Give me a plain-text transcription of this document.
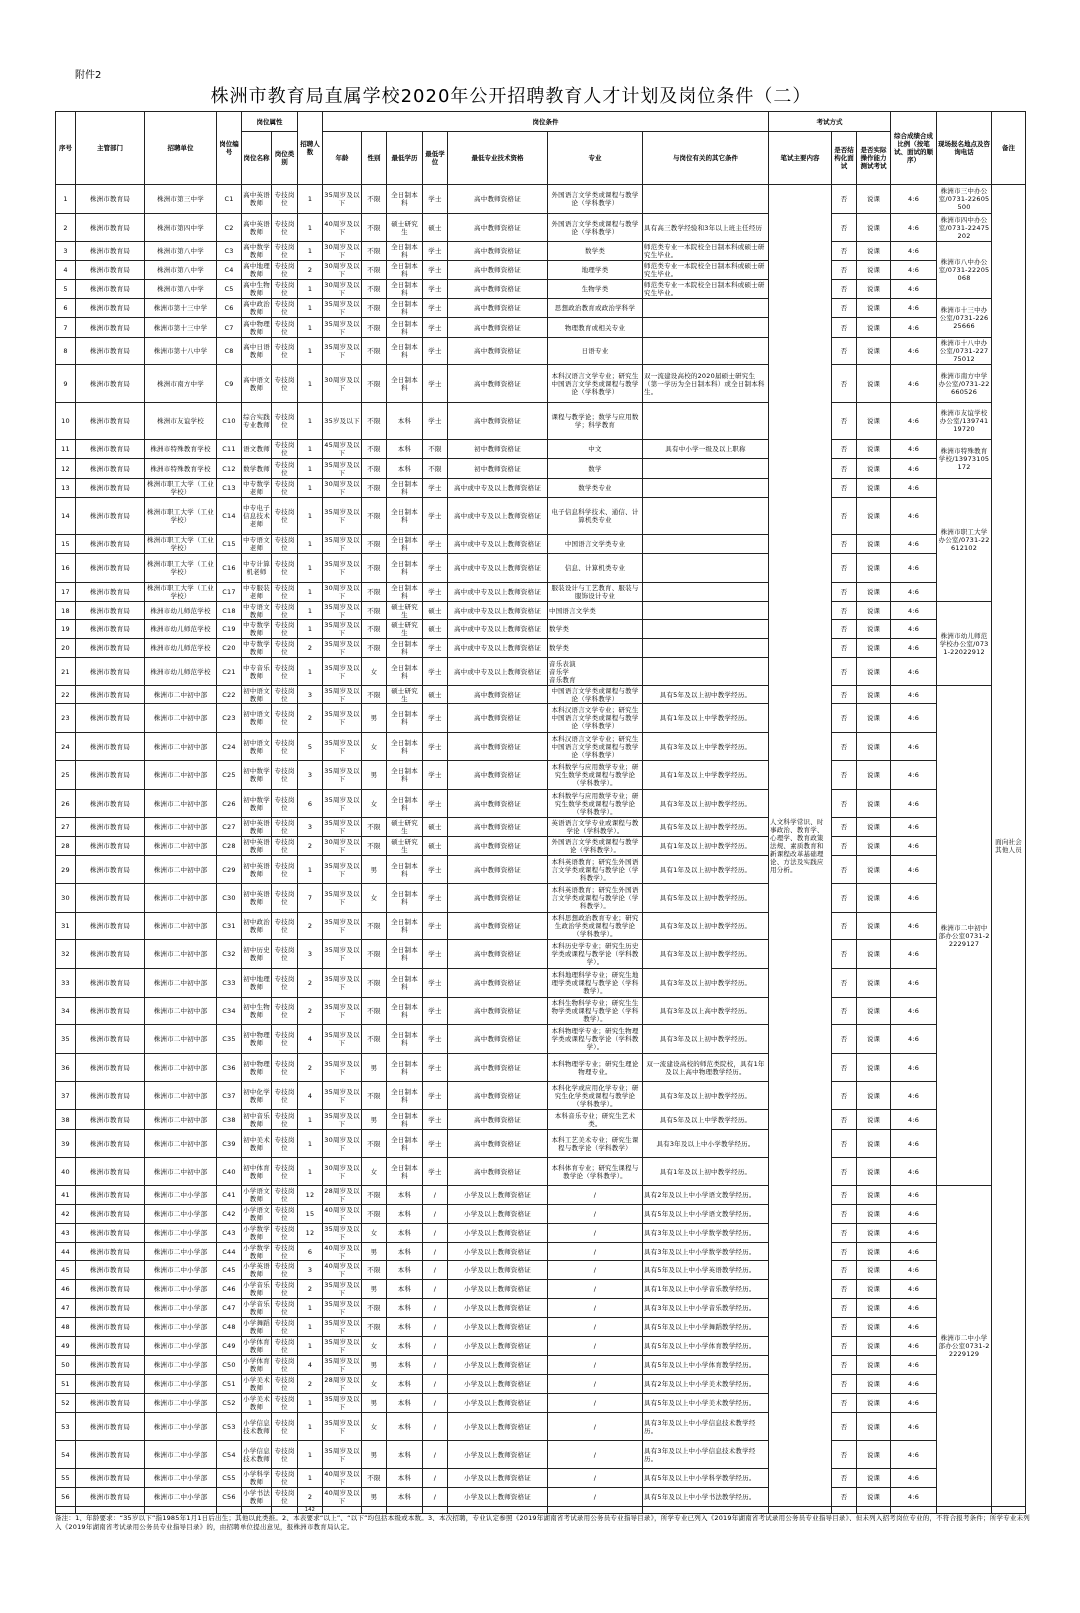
附件2
株洲市教育局直属学校2020年公开招聘教育人才计划及岗位条件（二）
序号	主管部门	招聘单位	岗位编号	岗位属性		招聘人数	岗位条件							考试方式			综合成绩合成比例（按笔试、面试的顺序）	现场报名地点及咨询电话	备注
				岗位名称	岗位类别		年龄	性别	最低学历	最低学位	最低专业技术资格	专业	与岗位有关的其它条件	笔试主要内容	是否结构化面试	是否实际操作能力测试考试			

1	株洲市教育局	株洲市第三中学	C1	高中英语教师	专技岗位	1	35周岁及以下	不限	全日制本科	学士	高中教师资格证	外国语言文学类或课程与教学论（学科教学）		人文科学常识、时事政治、教育学、心理学、教育政策法规、素质教育和新课程改革基础理论、方法及实践应用分析。	否	说课	4:6	株洲市三中办公室/0731-22605500	面向社会其他人员

2	株洲市教育局	株洲市第四中学	C2	高中英语教师	专技岗位	1	40周岁及以下	不限	硕士研究生	硕士	高中教师资格证	外国语言文学类或课程与教学论（学科教学）	具有高三教学经验和3年以上班主任经历		否	说课	4:6	株洲市四中办公室/0731-22475202	

3	株洲市教育局	株洲市第八中学	C3	高中数学教师	专技岗位	1	30周岁及以下	不限	全日制本科	学士	高中教师资格证	数学类	师范类专业一本院校全日制本科或硕士研究生毕业。		否	说课	4:6	株洲市八中办公室/0731-22205068	

4	株洲市教育局	株洲市第八中学	C4	高中地理教师	专技岗位	2	30周岁及以下	不限	全日制本科	学士	高中教师资格证	地理学类	师范类专业一本院校全日制本科或硕士研究生毕业。		否	说课	4:6		

5	株洲市教育局	株洲市第八中学	C5	高中生物教师	专技岗位	1	30周岁及以下	不限	全日制本科	学士	高中教师资格证	生物学类	师范类专业一本院校全日制本科或硕士研究生毕业。		否	说课	4:6		

6	株洲市教育局	株洲市第十三中学	C6	高中政治教师	专技岗位	1	35周岁及以下	不限	全日制本科	学士	高中教师资格证	思想政治教育或政治学科学			否	说课	4:6	株洲市十三中办公室/0731-22625666	

7	株洲市教育局	株洲市第十三中学	C7	高中物理教师	专技岗位	1	35周岁及以下	不限	全日制本科	学士	高中教师资格证	物理教育或相关专业			否	说课	4:6		

8	株洲市教育局	株洲市第十八中学	C8	高中日语教师	专技岗位	1	35周岁及以下	不限	全日制本科	学士	高中教师资格证	日语专业			否	说课	4:6	株洲市十八中办公室/0731-22775012	

9	株洲市教育局	株洲市南方中学	C9	高中语文教师	专技岗位	1	30周岁及以下	不限	全日制本科	学士	高中教师资格证	本科汉语言文学专业；研究生中国语言文学类或课程与教学论（学科教学）	双一流建设高校的2020届硕士研究生（第一学历为全日制本科）或全日制本科生。		否	说课	4:6	株洲市南方中学办公室/0731-22660526	

10	株洲市教育局	株洲市友谊学校	C10	综合实践专业教师	专技岗位	1	35岁及以下	不限	本科	学士	高中教师资格证	课程与教学论；数学与应用数学；科学教育			否	说课	4:6	株洲市友谊学校办公室/13974119720	

11	株洲市教育局	株洲市特殊教育学校	C11	语文教师	专技岗位	1	45周岁及以下	不限	本科	不限	初中教师资格证	中文	具有中小学一级及以上职称		否	说课	4:6	株洲市特殊教育学校/13973105172	

12	株洲市教育局	株洲市特殊教育学校	C12	数学教师	专技岗位	1	35周岁及以下	不限	本科	不限	初中教师资格证	数学			否	说课	4:6		

13	株洲市教育局	株洲市职工大学（工业学校）	C13	中专数学老师	专技岗位	1	30周岁及以下	不限	全日制本科	学士	高中或中专及以上教师资格证	数学类专业			否	说课	4:6	株洲市职工大学办公室/0731-22612102	

14	株洲市教育局	株洲市职工大学（工业学校）	C14	中专电子信息技术老师	专技岗位	1	35周岁及以下	不限	全日制本科	学士	高中或中专及以上教师资格证	电子信息科学技术、通信、计算机类专业			否	说课	4:6		

15	株洲市教育局	株洲市职工大学（工业学校）	C15	中专语文老师	专技岗位	1	35周岁及以下	不限	全日制本科	学士	高中或中专及以上教师资格证	中国语言文学类专业			否	说课	4:6		

16	株洲市教育局	株洲市职工大学（工业学校）	C16	中专计算机老师	专技岗位	1	35周岁及以下	不限	全日制本科	学士	高中或中专及以上教师资格证	信息、计算机类专业			否	说课	4:6		

17	株洲市教育局	株洲市职工大学（工业学校）	C17	中专服装老师	专技岗位	1	30周岁及以下	不限	全日制本科	学士	高中或中专及以上教师资格证	服装设计与工艺教育、服装与服饰设计专业			否	说课	4:6		

18	株洲市教育局	株洲市幼儿师范学校	C18	中专语文教师	专技岗位	1	35周岁及以下	不限	硕士研究生	硕士	高中或中专及以上教师资格证	中国语言文学类			否	说课	4:6	株洲市幼儿师范学校办公室/0731-22022912	

19	株洲市教育局	株洲市幼儿师范学校	C19	中专数学教师	专技岗位	1	35周岁及以下	不限	硕士研究生	硕士	高中或中专及以上教师资格证	数学类			否	说课	4:6		

20	株洲市教育局	株洲市幼儿师范学校	C20	中专数学教师	专技岗位	2	35周岁及以下	不限	全日制本科	学士	高中或中专及以上教师资格证	数学类			否	说课	4:6		

21	株洲市教育局	株洲市幼儿师范学校	C21	中专音乐教师	专技岗位	1	35周岁及以下	女	全日制本科	学士	高中或中专及以上教师资格证	音乐表演
音乐学
音乐教育			否	说课	4:6		

22	株洲市教育局	株洲市二中初中部	C22	初中语文教师	专技岗位	3	35周岁及以下	不限	硕士研究生	硕士	高中教师资格证	中国语言文学类或课程与教学论（学科教学）	具有5年及以上初中教学经历。		否	说课	4:6	株洲市二中初中部办公室0731-22229127	

23	株洲市教育局	株洲市二中初中部	C23	初中语文教师	专技岗位	2	35周岁及以下	男	全日制本科	学士	高中教师资格证	本科汉语言文学专业；研究生中国语言文学类或课程与教学论（学科教学）	具有1年及以上中学教学经历。		否	说课	4:6		

24	株洲市教育局	株洲市二中初中部	C24	初中语文教师	专技岗位	5	35周岁及以下	女	全日制本科	学士	高中教师资格证	本科汉语言文学专业；研究生中国语言文学类或课程与教学论（学科教学）	具有3年及以上中学教学经历。		否	说课	4:6		

25	株洲市教育局	株洲市二中初中部	C25	初中数学教师	专技岗位	3	35周岁及以下	男	全日制本科	学士	高中教师资格证	本科数学与应用数学专业；研究生数学类或课程与教学论（学科教学）。	具有1年及以上中学教学经历。		否	说课	4:6		

26	株洲市教育局	株洲市二中初中部	C26	初中数学教师	专技岗位	6	35周岁及以下	女	全日制本科	学士	高中教师资格证	本科数学与应用数学专业；研究生数学类或课程与教学论（学科教学）。	具有3年及以上初中教学经历。		否	说课	4:6		

27	株洲市教育局	株洲市二中初中部	C27	初中英语教师	专技岗位	3	35周岁及以下	不限	硕士研究生	硕士	高中教师资格证	英语语言文学专业或课程与教学论（学科教学）。	具有5年及以上初中教学经历。		否	说课	4:6		

28	株洲市教育局	株洲市二中初中部	C28	初中英语教师	专技岗位	2	30周岁及以下	不限	硕士研究生	硕士	高中教师资格证	外国语言文学类或课程与教学论（学科教学）。	具有1年及以上初中教学经历。		否	说课	4:6		

29	株洲市教育局	株洲市二中初中部	C29	初中英语教师	专技岗位	1	35周岁及以下	男	全日制本科	学士	高中教师资格证	本科英语教育；研究生外国语言文学类或课程与教学论（学科教学）。	具有1年及以上初中教学经历。		否	说课	4:6		

30	株洲市教育局	株洲市二中初中部	C30	初中英语教师	专技岗位	7	35周岁及以下	女	全日制本科	学士	高中教师资格证	本科英语教育；研究生外国语言文学类或课程与教学论（学科教学）。	具有5年及以上初中教学经历。		否	说课	4:6		

31	株洲市教育局	株洲市二中初中部	C31	初中政治教师	专技岗位	2	35周岁及以下	不限	全日制本科	学士	高中教师资格证	本科思想政治教育专业；研究生政治学类或课程与教学论（学科教学）。	具有3年及以上初中教学经历。		否	说课	4:6		

32	株洲市教育局	株洲市二中初中部	C32	初中历史教师	专技岗位	3	35周岁及以下	不限	全日制本科	学士	高中教师资格证	本科历史学专业；研究生历史学类或课程与教学论（学科教学）。	具有3年及以上初中教学经历。		否	说课	4:6		

33	株洲市教育局	株洲市二中初中部	C33	初中地理教师	专技岗位	2	35周岁及以下	不限	全日制本科	学士	高中教师资格证	本科地理科学专业；研究生地理学类或课程与教学论（学科教学）。	具有3年及以上初中教学经历。		否	说课	4:6		

34	株洲市教育局	株洲市二中初中部	C34	初中生物教师	专技岗位	2	35周岁及以下	不限	全日制本科	学士	高中教师资格证	本科生物科学专业；研究生生物学类或课程与教学论（学科教学）。	具有3年及以上高中教学经历。		否	说课	4:6		

35	株洲市教育局	株洲市二中初中部	C35	初中物理教师	专技岗位	4	35周岁及以下	不限	全日制本科	学士	高中教师资格证	本科物理学专业；研究生物理学类或课程与教学论（学科教学）。	具有3年及以上初中教学经历。		否	说课	4:6		

36	株洲市教育局	株洲市二中初中部	C36	初中物理教师	专技岗位	2	35周岁及以下	男	全日制本科	学士	高中教师资格证	本科物理学专业；研究生理论物理专业。	双一流建设高校的师范类院校，具有1年及以上高中物理教学经历。		否	说课	4:6		

37	株洲市教育局	株洲市二中初中部	C37	初中化学教师	专技岗位	4	35周岁及以下	不限	全日制本科	学士	高中教师资格证	本科化学或应用化学专业；研究生化学类或课程与教学论（学科教学）。	具有3年及以上初中教学经历。		否	说课	4:6		

38	株洲市教育局	株洲市二中初中部	C38	初中音乐教师	专技岗位	1	35周岁及以下	男	全日制本科	学士	高中教师资格证	本科音乐专业；研究生艺术类。	具有5年及以上中学教学经历。		否	说课	4:6		

39	株洲市教育局	株洲市二中初中部	C39	初中美术教师	专技岗位	1	30周岁及以下	不限	全日制本科	学士	高中教师资格证	本科工艺美术专业；研究生课程与教学论（学科教学）	具有3年及以上中小学教学经历。		否	说课	4:6		

40	株洲市教育局	株洲市二中初中部	C40	初中体育教师	专技岗位	1	30周岁及以下	女	全日制本科	学士	高中教师资格证	本科体育专业；研究生课程与教学论（学科教学）。	具有1年及以上初中教学经历。		否	说课	4:6		

41	株洲市教育局	株洲市二中小学部	C41	小学语文教师	专技岗位	12	28周岁及以下	不限	本科	/	小学及以上教师资格证	/	具有2年及以上中小学语文教学经历。		否	说课	4:6	株洲市二中小学部办公室0731-22229129	

42	株洲市教育局	株洲市二中小学部	C42	小学语文教师	专技岗位	15	40周岁及以下	不限	本科	/	小学及以上教师资格证	/	具有5年及以上中小学语文教学经历。		否	说课	4:6		

43	株洲市教育局	株洲市二中小学部	C43	小学数学教师	专技岗位	12	35周岁及以下	女	本科	/	小学及以上教师资格证	/	具有3年及以上中小学数学教学经历。		否	说课	4:6		

44	株洲市教育局	株洲市二中小学部	C44	小学数学教师	专技岗位	6	40周岁及以下	男	本科	/	小学及以上教师资格证	/	具有3年及以上中小学数学教学经历。		否	说课	4:6		

45	株洲市教育局	株洲市二中小学部	C45	小学英语教师	专技岗位	3	40周岁及以下	不限	本科	/	小学及以上教师资格证	/	具有5年及以上中小学英语教学经历。		否	说课	4:6		

46	株洲市教育局	株洲市二中小学部	C46	小学音乐教师	专技岗位	2	35周岁及以下	男	本科	/	小学及以上教师资格证	/	具有1年及以上中小学音乐教学经历。		否	说课	4:6		

47	株洲市教育局	株洲市二中小学部	C47	小学音乐教师	专技岗位	1	35周岁及以下	不限	本科	/	小学及以上教师资格证	/	具有3年及以上中小学音乐教学经历。		否	说课	4:6		

48	株洲市教育局	株洲市二中小学部	C48	小学舞蹈教师	专技岗位	1	35周岁及以下	不限	本科	/	小学及以上教师资格证	/	具有5年及以上中小学舞蹈教学经历。		否	说课	4:6		

49	株洲市教育局	株洲市二中小学部	C49	小学体育教师	专技岗位	1	35周岁及以下	女	本科	/	小学及以上教师资格证	/	具有5年及以上中小学体育教学经历。		否	说课	4:6		

50	株洲市教育局	株洲市二中小学部	C50	小学体育教师	专技岗位	4	35周岁及以下	男	本科	/	小学及以上教师资格证	/	具有5年及以上中小学体育教学经历。		否	说课	4:6		

51	株洲市教育局	株洲市二中小学部	C51	小学美术教师	专技岗位	2	28周岁及以下	女	本科	/	小学及以上教师资格证	/	具有2年及以上中小学美术教学经历。		否	说课	4:6		

52	株洲市教育局	株洲市二中小学部	C52	小学美术教师	专技岗位	1	35周岁及以下	男	本科	/	小学及以上教师资格证	/	具有5年及以上中小学美术教学经历。		否	说课	4:6		

53	株洲市教育局	株洲市二中小学部	C53	小学信息技术教师	专技岗位	1	35周岁及以下	女	本科	/	小学及以上教师资格证	/	具有3年及以上中小学信息技术教学经历。		否	说课	4:6		

54	株洲市教育局	株洲市二中小学部	C54	小学信息技术教师	专技岗位	1	35周岁及以下	男	本科	/	小学及以上教师资格证	/	具有3年及以上中小学信息技术教学经历。		否	说课	4:6		

55	株洲市教育局	株洲市二中小学部	C55	小学科学教师	专技岗位	1	40周岁及以下	不限	本科	/	小学及以上教师资格证	/	具有5年及以上中小学科学教学经历。		否	说课	4:6		

56	株洲市教育局	株洲市二中小学部	C56	小学书法教师	专技岗位	2	40周岁及以下	男	本科	/	小学及以上教师资格证	/	具有5年及以上中小学书法教学经历。		否	说课	4:6		

142													

备注：1、年龄要求：“35岁以下”指1985年1月1日后出生；其他以此类推。2、本表要求“以上”、“以下”均包括本级或本数。3、本次招聘，专业认定参照《2019年湖南省考试录用公务员专业指导目录》，所学专业已列入《2019年湖南省考试录用公务员专业指导目录》、但未列入招考岗位专业的，不符合报考条件；所学专业未列入《2019年湖南省考试录用公务员专业指导目录》的，由招聘单位提出意见，报株洲市教育局认定。
